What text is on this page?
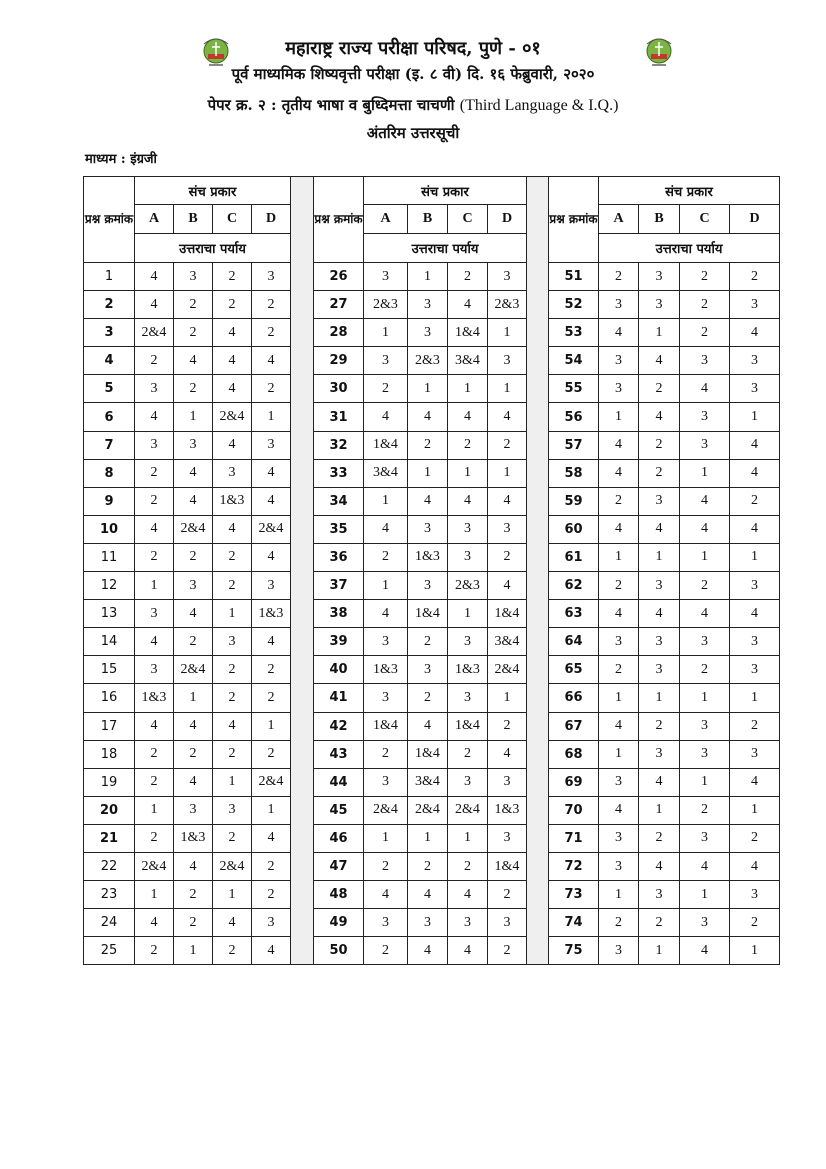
महाराष्ट्र राज्य परीक्षा परिषद, पुणे - ०१
पूर्व माध्यमिक शिष्यवृत्ती परीक्षा (इ. ८ वी) दि. १६ फेब्रुवारी, २०२०
पेपर क्र. २ : तृतीय भाषा व बुध्दिमत्ता चाचणी (Third Language & I.Q.)
अंतरिम उत्तरसूची
माध्यम : इंग्रजी
प्रश्न क्रमांक	संच प्रकार					प्रश्न क्रमांक	संच प्रकार					प्रश्न क्रमांक	संच प्रकार			
	A	B	C	D			A	B	C	D			A	B	C	D
	उत्तराचा पर्याय						उत्तराचा पर्याय						उत्तराचा पर्याय			
1	4	3	2	3		26	3	1	2	3		51	2	3	2	2
2	4	2	2	2		27	2&3	3	4	2&3		52	3	3	2	3
3	2&4	2	4	2		28	1	3	1&4	1		53	4	1	2	4
4	2	4	4	4		29	3	2&3	3&4	3		54	3	4	3	3
5	3	2	4	2		30	2	1	1	1		55	3	2	4	3
6	4	1	2&4	1		31	4	4	4	4		56	1	4	3	1
7	3	3	4	3		32	1&4	2	2	2		57	4	2	3	4
8	2	4	3	4		33	3&4	1	1	1		58	4	2	1	4
9	2	4	1&3	4		34	1	4	4	4		59	2	3	4	2
10	4	2&4	4	2&4		35	4	3	3	3		60	4	4	4	4
11	2	2	2	4		36	2	1&3	3	2		61	1	1	1	1
12	1	3	2	3		37	1	3	2&3	4		62	2	3	2	3
13	3	4	1	1&3		38	4	1&4	1	1&4		63	4	4	4	4
14	4	2	3	4		39	3	2	3	3&4		64	3	3	3	3
15	3	2&4	2	2		40	1&3	3	1&3	2&4		65	2	3	2	3
16	1&3	1	2	2		41	3	2	3	1		66	1	1	1	1
17	4	4	4	1		42	1&4	4	1&4	2		67	4	2	3	2
18	2	2	2	2		43	2	1&4	2	4		68	1	3	3	3
19	2	4	1	2&4		44	3	3&4	3	3		69	3	4	1	4
20	1	3	3	1		45	2&4	2&4	2&4	1&3		70	4	1	2	1
21	2	1&3	2	4		46	1	1	1	3		71	3	2	3	2
22	2&4	4	2&4	2		47	2	2	2	1&4		72	3	4	4	4
23	1	2	1	2		48	4	4	4	2		73	1	3	1	3
24	4	2	4	3		49	3	3	3	3		74	2	2	3	2
25	2	1	2	4		50	2	4	4	2		75	3	1	4	1
